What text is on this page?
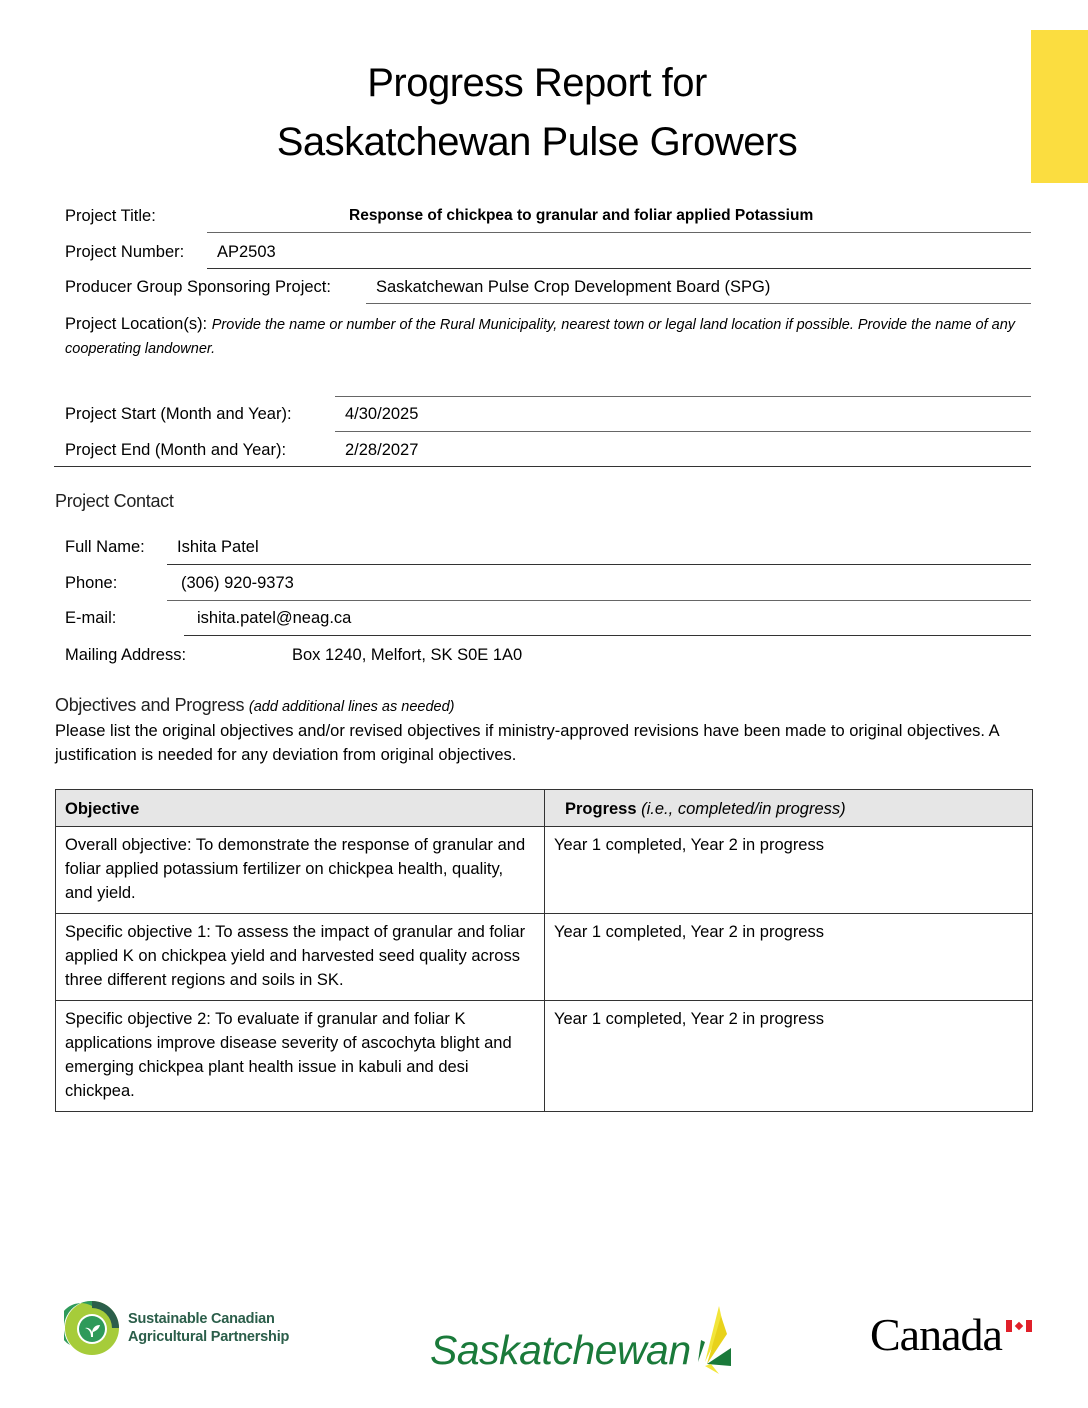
Progress Report for
Saskatchewan Pulse Growers
Project Title:	Response of chickpea to granular and foliar applied Potassium
Project Number: AP2503
Producer Group Sponsoring Project:	Saskatchewan Pulse Crop Development Board (SPG)
Project Location(s): Provide the name or number of the Rural Municipality, nearest town or legal land location if possible. Provide the name of any cooperating landowner.
Project Start (Month and Year):	4/30/2025
Project End (Month and Year):	2/28/2027
Project Contact
Full Name: Ishita Patel
Phone:	(306) 920-9373
E-mail:	ishita.patel@neag.ca
Mailing Address:	Box 1240, Melfort, SK S0E 1A0
Objectives and Progress (add additional lines as needed)
Please list the original objectives and/or revised objectives if ministry-approved revisions have been made to original objectives. A justification is needed for any deviation from original objectives.
Objective	Progress (i.e., completed/in progress)
Overall objective: To demonstrate the response of granular and foliar applied potassium fertilizer on chickpea health, quality, and yield.	Year 1 completed, Year 2 in progress
Specific objective 1: To assess the impact of granular and foliar applied K on chickpea yield and harvested seed quality across three different regions and soils in SK.	Year 1 completed, Year 2 in progress
Specific objective 2: To evaluate if granular and foliar K applications improve disease severity of ascochyta blight and emerging chickpea plant health issue in kabuli and desi chickpea.	Year 1 completed, Year 2 in progress
Sustainable Canadian
Agricultural Partnership	Saskatchewan	Canada
